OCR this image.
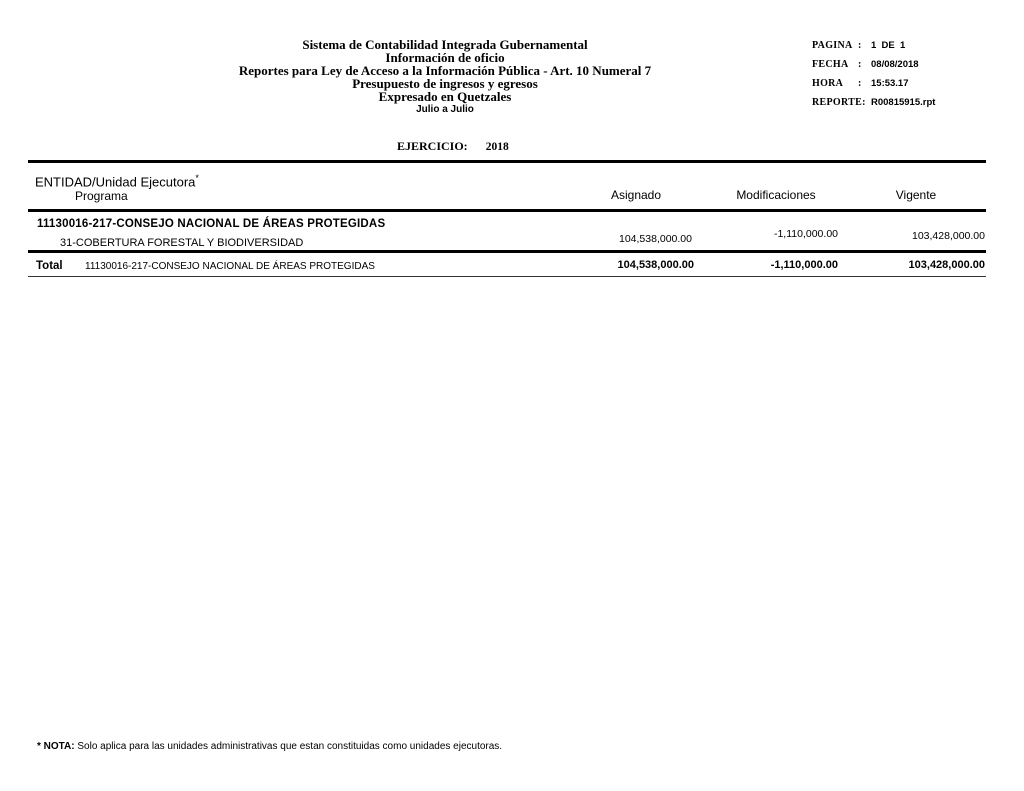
Sistema de Contabilidad Integrada Gubernamental
Información de oficio
Reportes para Ley de Acceso a la Información Pública - Art. 10 Numeral 7
Presupuesto de ingresos y egresos
Expresado en Quetzales
Julio a Julio
EJERCICIO: 2018
PAGINA :	1  DE  1
FECHA :	08/08/2018
HORA	:	15:53.17
REPORTE: R00815915.rpt
ENTIDAD/Unidad Ejecutora*
Programa	Asignado	Modificaciones	Vigente
11130016-217-CONSEJO NACIONAL DE ÁREAS PROTEGIDAS
31-COBERTURA FORESTAL Y BIODIVERSIDAD	104,538,000.00	-1,110,000.00	103,428,000.00
Total 11130016-217-CONSEJO NACIONAL DE ÁREAS PROTEGIDAS	104,538,000.00	-1,110,000.00	103,428,000.00
* NOTA: Solo aplica para las unidades administrativas que estan constituidas como unidades ejecutoras.
